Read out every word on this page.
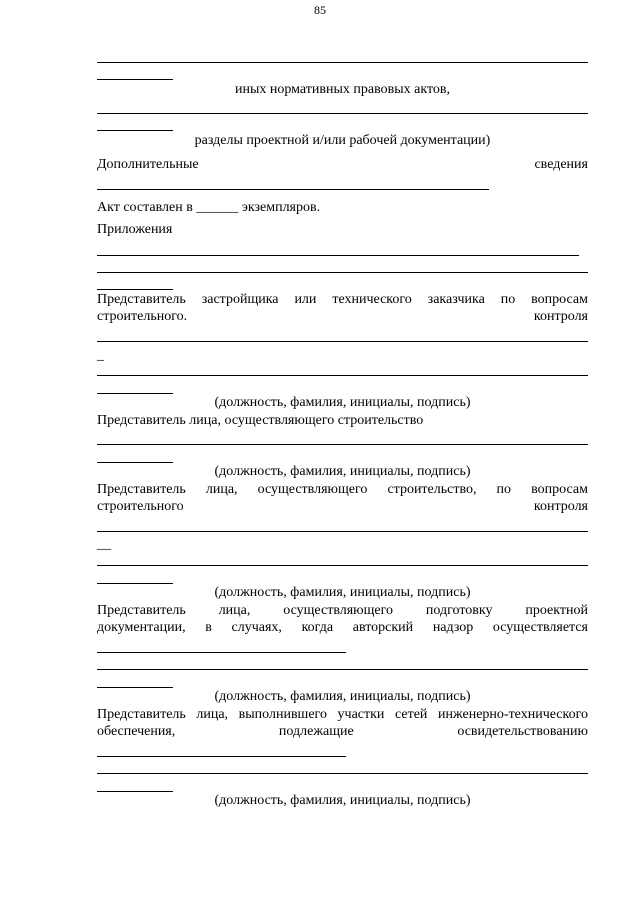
85
иных нормативных правовых актов,
разделы проектной и/или рабочей документации)
Дополнительные	сведения
Акт составлен в ______ экземпляров.
Приложения
Представитель застройщика или технического заказчика по вопросам
строительного.	контроля
_
(должность, фамилия, инициалы, подпись)
Представитель лица, осуществляющего строительство
(должность, фамилия, инициалы, подпись)
Представитель лица, осуществляющего строительство, по вопросам
строительного	контроля
__
(должность, фамилия, инициалы, подпись)
Представитель лица, осуществляющего подготовку проектной
документации, в случаях, когда авторский надзор осуществляется
(должность, фамилия, инициалы, подпись)
Представитель лица, выполнившего участки сетей инженерно-технического
обеспечения,	подлежащие	освидетельствованию
(должность, фамилия, инициалы, подпись)
